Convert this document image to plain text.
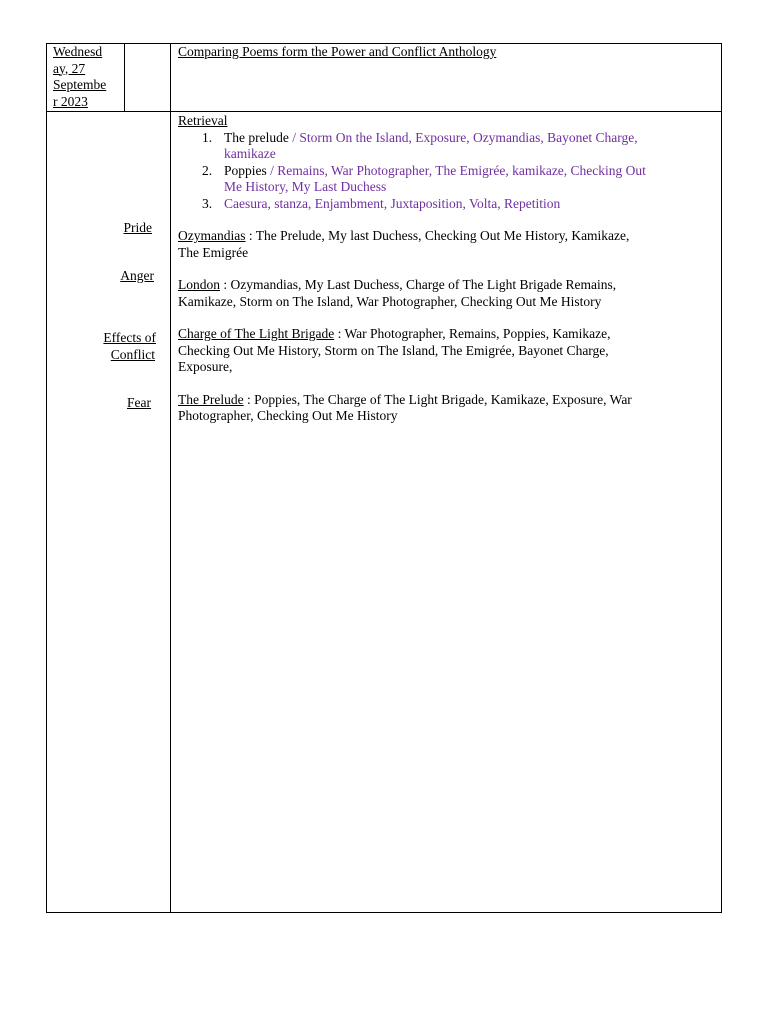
Wednesd
ay, 27
Septembe
r 2023
Comparing Poems form the Power and Conflict Anthology
Pride
Anger
Effects of
Conflict
Fear
Retrieval
1. The prelude / Storm On the Island, Exposure, Ozymandias, Bayonet Charge,
kamikaze
2. Poppies / Remains, War Photographer, The Emigrée, kamikaze, Checking Out
Me History, My Last Duchess
3. Caesura, stanza, Enjambment, Juxtaposition, Volta, Repetition
Ozymandias : The Prelude, My last Duchess, Checking Out Me History, Kamikaze,
The Emigrée
London : Ozymandias, My Last Duchess, Charge of The Light Brigade Remains,
Kamikaze, Storm on The Island, War Photographer, Checking Out Me History
Charge of The Light Brigade : War Photographer, Remains, Poppies, Kamikaze,
Checking Out Me History, Storm on The Island, The Emigrée, Bayonet Charge,
Exposure,
The Prelude : Poppies, The Charge of The Light Brigade, Kamikaze, Exposure, War
Photographer, Checking Out Me History
